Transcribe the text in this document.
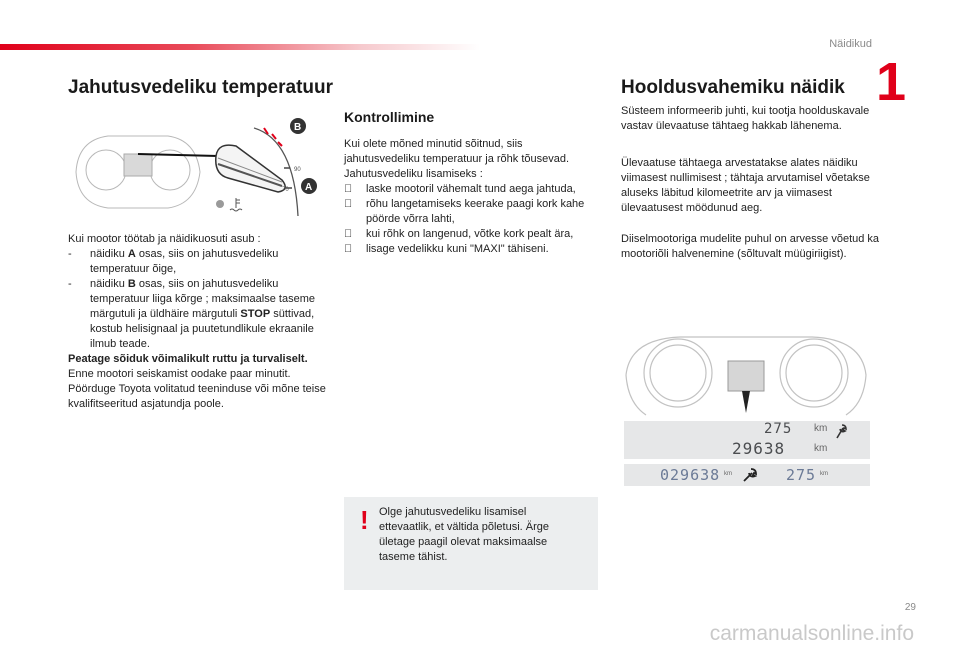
Näidikud
1
Jahutusvedeliku temperatuur
90
70
B
A

Kui mootor töötab ja näidikuosuti asub :

- näidiku A osas, siis on jahutusvedeliku temperatuur õige,
- näidiku B osas, siis on jahutusvedeliku temperatuur liiga kõrge ; maksimaalse taseme märgutuli ja üldhäire märgutuli STOP süttivad, kostub helisignaal ja puutetundlikule ekraanile ilmub teade.

Peatage sõiduk võimalikult ruttu ja turvaliselt.

Enne mootori seiskamist oodake paar minutit.

Pöörduge Toyota volitatud teeninduse või mõne teise kvalifitseeritud asjatundja poole.

Kontrollimine

Kui olete mõned minutid sõitnud, siis jahutusvedeliku temperatuur ja rõhk tõusevad.

Jahutusvedeliku lisamiseks :

laske mootoril vähemalt tund aega jahtuda,
rõhu langetamiseks keerake paagi kork kahe pöörde võrra lahti,
kui rõhk on langenud, võtke kork pealt ära,
lisage vedelikku kuni "MAXI" tähiseni.
! Olge jahutusvedeliku lisamisel ettevaatlik, et vältida põletusi. Ärge ületage paagil olevat maksimaalse taseme tähist.
Hooldusvahemiku näidik

Süsteem informeerib juhti, kui tootja hoolduskavale vastav ülevaatuse tähtaeg hakkab lähenema.

Ülevaatuse tähtaega arvestatakse alates näidiku viimasest nullimisest ; tähtaja arvutamisel võetakse aluseks läbitud kilomeetrite arv ja viimasest ülevaatusest möödunud aeg.

Diiselmootoriga mudelite puhul on arvesse võetud ka mootoriõli halvenemine (sõltuvalt müügiriigist).

275 km
29638	km
029638 km	275 km
29
carmanualsonline.info
